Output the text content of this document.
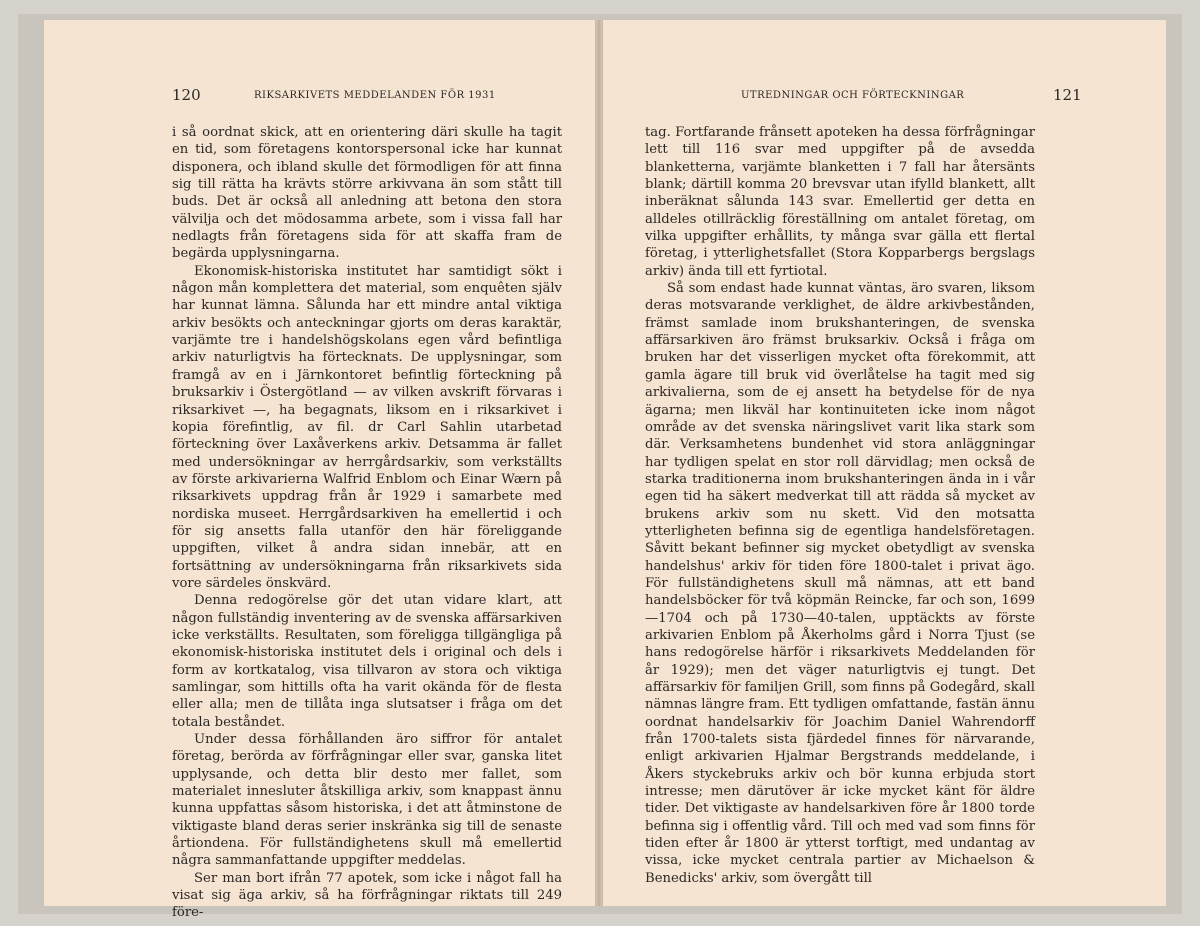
120	RIKSARKIVETS MEDDELANDEN FÖR 1931

i så oordnat skick, att en orientering däri skulle ha tagit en tid, som företagens kontorspersonal icke har kunnat disponera, och ibland skulle det förmodligen för att finna sig till rätta ha krävts större arkivvana än som stått till buds. Det är också all anledning att betona den stora välvilja och det mödosamma arbete, som i vissa fall har nedlagts från företagens sida för att skaffa fram de begärda upplysningarna.

Ekonomisk-historiska institutet har samtidigt sökt i någon mån komplettera det material, som enquêten själv har kunnat lämna. Sålunda har ett mindre antal viktiga arkiv besökts och anteckningar gjorts om deras karaktär, varjämte tre i handelshögskolans egen vård befintliga arkiv naturligtvis ha förtecknats. De upplysningar, som framgå av en i Järnkontoret befintlig förteckning på bruksarkiv i Östergötland — av vilken avskrift förvaras i riksarkivet —, ha begagnats, liksom en i riksarkivet i kopia förefintlig, av fil. dr Carl Sahlin utarbetad förteckning över Laxåverkens arkiv. Detsamma är fallet med undersökningar av herrgårdsarkiv, som verkställts av förste arkivarierna Walfrid Enblom och Einar Wærn på riksarkivets uppdrag från år 1929 i samarbete med nordiska museet. Herrgårdsarkiven ha emellertid i och för sig ansetts falla utanför den här föreliggande uppgiften, vilket å andra sidan innebär, att en fortsättning av undersökningarna från riksarkivets sida vore särdeles önskvärd.

Denna redogörelse gör det utan vidare klart, att någon fullständig inventering av de svenska affärsarkiven icke verkställts. Resultaten, som föreligga tillgängliga på ekonomisk-historiska institutet dels i original och dels i form av kortkatalog, visa tillvaron av stora och viktiga samlingar, som hittills ofta ha varit okända för de flesta eller alla; men de tillåta inga slutsatser i fråga om det totala beståndet.

Under dessa förhållanden äro siffror för antalet företag, berörda av förfrågningar eller svar, ganska litet upplysande, och detta blir desto mer fallet, som materialet innesluter åtskilliga arkiv, som knappast ännu kunna uppfattas såsom historiska, i det att åtminstone de viktigaste bland deras serier inskränka sig till de senaste årtiondena. För fullständighetens skull må emellertid några sammanfattande uppgifter meddelas.

Ser man bort ifrån 77 apotek, som icke i något fall ha visat sig äga arkiv, så ha förfrågningar riktats till 249 före-

UTREDNINGAR OCH FÖRTECKNINGAR	121

tag. Fortfarande frånsett apoteken ha dessa förfrågningar lett till 116 svar med uppgifter på de avsedda blanketterna, varjämte blanketten i 7 fall har återsänts blank; därtill komma 20 brevsvar utan ifylld blankett, allt inberäknat sålunda 143 svar. Emellertid ger detta en alldeles otillräcklig föreställning om antalet företag, om vilka uppgifter erhållits, ty många svar gälla ett flertal företag, i ytterlighetsfallet (Stora Kopparbergs bergslags arkiv) ända till ett fyrtiotal.

Så som endast hade kunnat väntas, äro svaren, liksom deras motsvarande verklighet, de äldre arkivbestånden, främst samlade inom brukshanteringen, de svenska affärsarkiven äro främst bruksarkiv. Också i fråga om bruken har det visserligen mycket ofta förekommit, att gamla ägare till bruk vid överlåtelse ha tagit med sig arkivalierna, som de ej ansett ha betydelse för de nya ägarna; men likväl har kontinuiteten icke inom något område av det svenska näringslivet varit lika stark som där. Verksamhetens bundenhet vid stora anläggningar har tydligen spelat en stor roll därvidlag; men också de starka traditionerna inom brukshanteringen ända in i vår egen tid ha säkert medverkat till att rädda så mycket av brukens arkiv som nu skett. Vid den motsatta ytterligheten befinna sig de egentliga handelsföretagen. Såvitt bekant befinner sig mycket obetydligt av svenska handelshus' arkiv för tiden före 1800-talet i privat ägo. För fullständighetens skull må nämnas, att ett band handelsböcker för två köpmän Reincke, far och son, 1699—1704 och på 1730—40-talen, upptäckts av förste arkivarien Enblom på Åkerholms gård i Norra Tjust (se hans redogörelse härför i riksarkivets Meddelanden för år 1929); men det väger naturligtvis ej tungt. Det affärsarkiv för familjen Grill, som finns på Godegård, skall nämnas längre fram. Ett tydligen omfattande, fastän ännu oordnat handelsarkiv för Joachim Daniel Wahrendorff från 1700-talets sista fjärdedel finnes för närvarande, enligt arkivarien Hjalmar Bergstrands meddelande, i Åkers styckebruks arkiv och bör kunna erbjuda stort intresse; men därutöver är icke mycket känt för äldre tider. Det viktigaste av handelsarkiven före år 1800 torde befinna sig i offentlig vård. Till och med vad som finns för tiden efter år 1800 är ytterst torftigt, med undantag av vissa, icke mycket centrala partier av Michaelson & Benedicks' arkiv, som övergått till
